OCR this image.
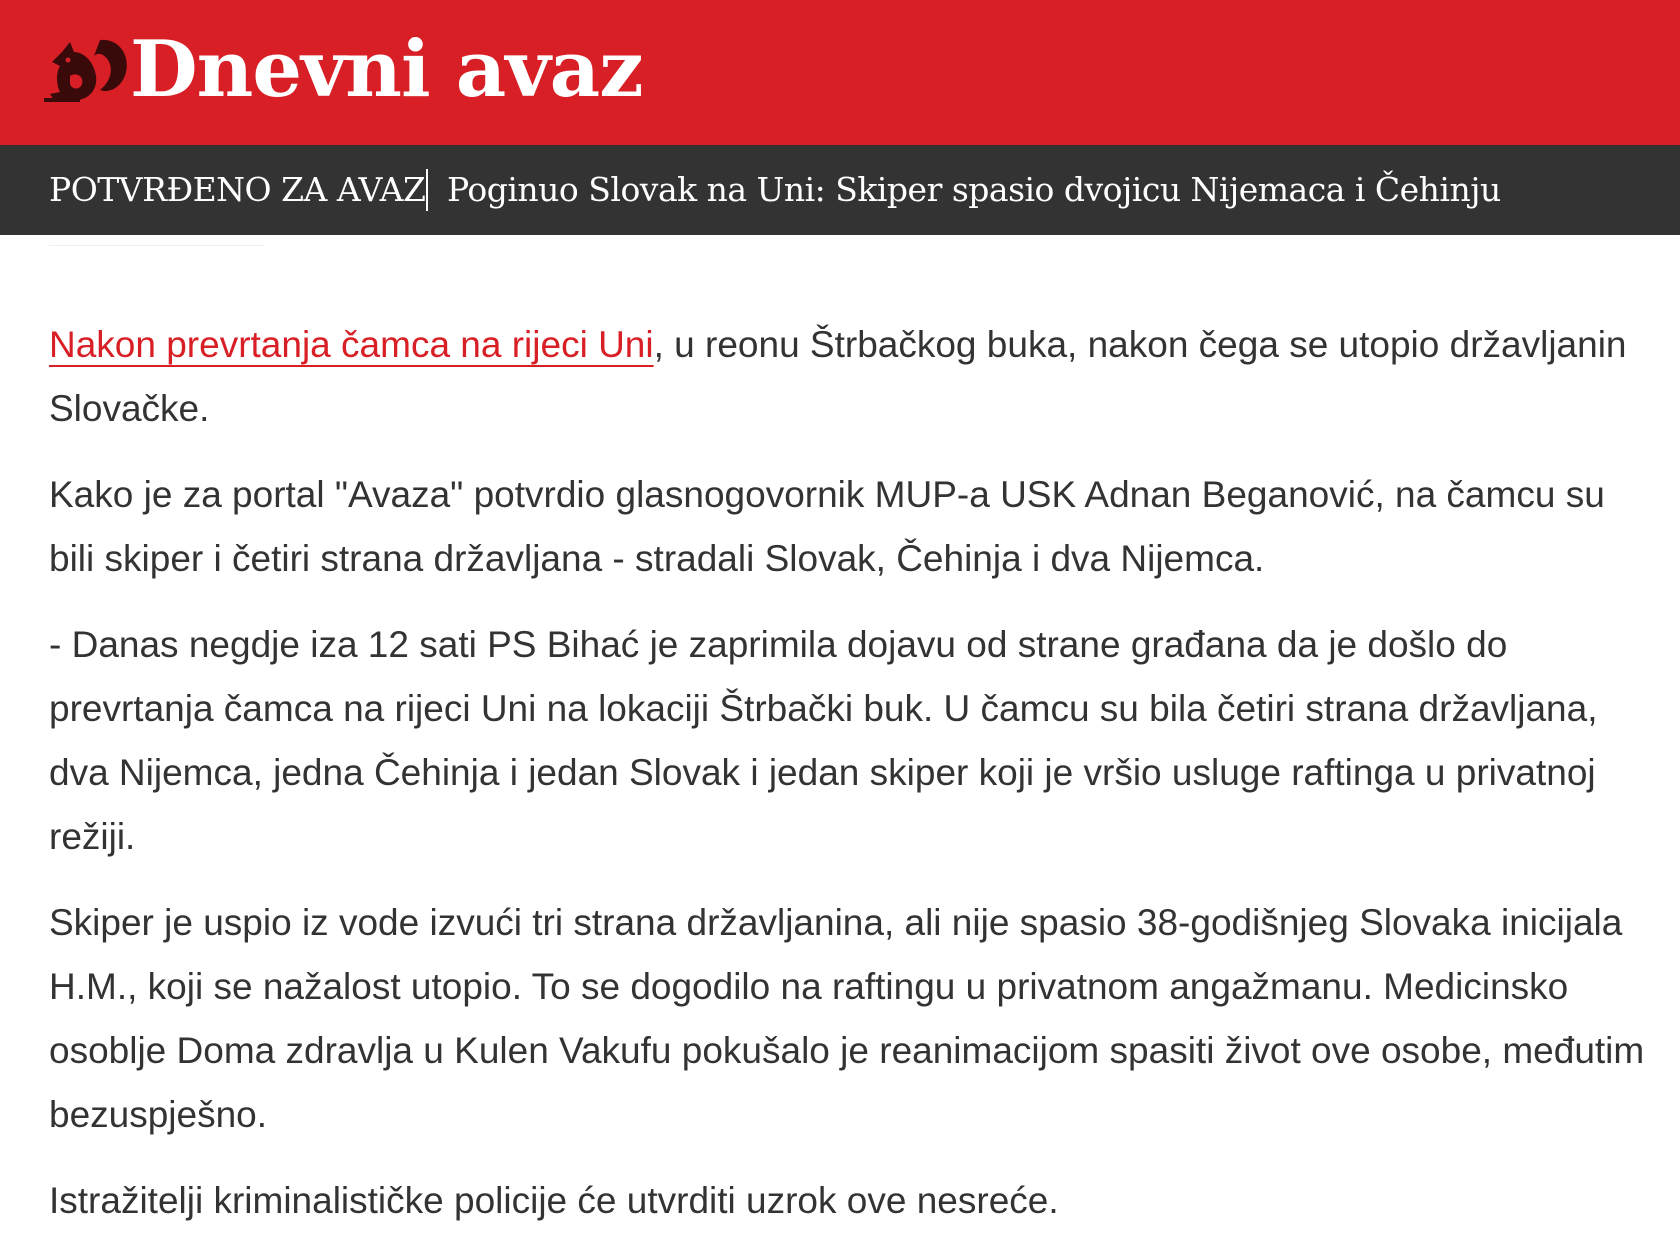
Dnevni avaz
POTVRĐENO ZA AVAZ Poginuo Slovak na Uni: Skiper spasio dvojicu Nijemaca i Čehinju

Nakon prevrtanja čamca na rijeci Uni, u reonu Štrbačkog buka, nakon čega se utopio državljanin Slovačke.

Kako je za portal "Avaza" potvrdio glasnogovornik MUP-a USK Adnan Beganović, na čamcu su bili skiper i četiri strana državljana - stradali Slovak, Čehinja i dva Nijemca.

- Danas negdje iza 12 sati PS Bihać je zaprimila dojavu od strane građana da je došlo do prevrtanja čamca na rijeci Uni na lokaciji Štrbački buk. U čamcu su bila četiri strana državljana, dva Nijemca, jedna Čehinja i jedan Slovak i jedan skiper koji je vršio usluge raftinga u privatnoj režiji.

Skiper je uspio iz vode izvući tri strana državljanina, ali nije spasio 38-godišnjeg Slovaka inicijala H.M., koji se nažalost utopio. To se dogodilo na raftingu u privatnom angažmanu. Medicinsko osoblje Doma zdravlja u Kulen Vakufu pokušalo je reanimacijom spasiti život ove osobe, međutim bezuspješno.

Istražitelji kriminalističke policije će utvrditi uzrok ove nesreće.
